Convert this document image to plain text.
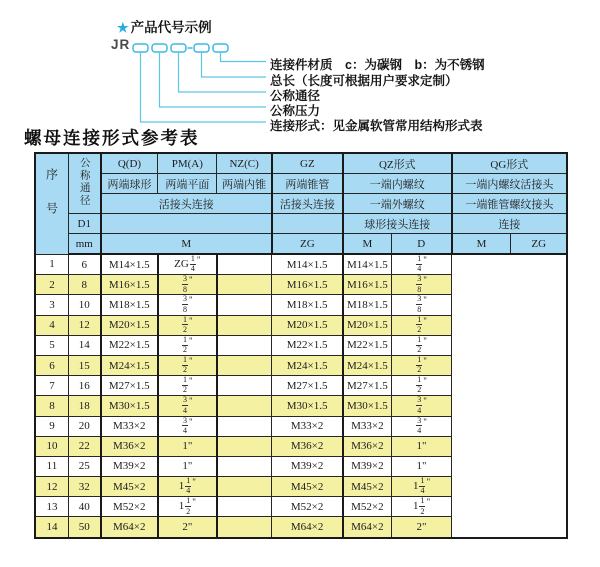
★ 产品代号示例
JR
连接件材质　c：为碳钢　b：为不锈钢
总长（长度可根据用户要求定制）
公称通径
公称压力
连接形式：见金属软管常用结构形式表
螺母连接形式参考表
序号	公称通径	Q(D)	PM(A)	NZ(C)	GZ	QZ形式		QG形式	
		两端球形	两端平面	两端内锥	两端锥管	一端内螺纹		一端内螺纹活接头	
		活接头连接			活接头连接	一端外螺纹		一端锥管螺纹接头	
	D1					球形接头连接		连接	
	mm	M			ZG	M	D	M	ZG
1	6	M14×1.5	ZG $\frac{1}{4} ^"$		M14×1.5	M14×1.5	$\frac{1}{4} ^"$
2	8	M16×1.5	$\frac{3}{8} ^"$		M16×1.5	M16×1.5	$\frac{3}{8} ^"$
3	10	M18×1.5	$\frac{3}{8} ^"$		M18×1.5	M18×1.5	$\frac{3}{8} ^"$
4	12	M20×1.5	$\frac{1}{2} ^"$		M20×1.5	M20×1.5	$\frac{1}{2} ^"$
5	14	M22×1.5	$\frac{1}{2} ^"$		M22×1.5	M22×1.5	$\frac{1}{2} ^"$
6	15	M24×1.5	$\frac{1}{2} ^"$		M24×1.5	M24×1.5	$\frac{1}{2} ^"$
7	16	M27×1.5	$\frac{1}{2} ^"$		M27×1.5	M27×1.5	$\frac{1}{2} ^"$
8	18	M30×1.5	$\frac{3}{4} ^"$		M30×1.5	M30×1.5	$\frac{3}{4} ^"$
9	20	M33×2	$\frac{3}{4} ^"$		M33×2	M33×2	$\frac{3}{4} ^"$
10	22	M36×2	1"		M36×2	M36×2	1"		
11	25	M39×2	1"		M39×2	M39×2	1"		
12	32	M45×2	$1 \frac{1}{4} ^"$		M45×2	M45×2	$1 \frac{1}{4} ^"$
13	40	M52×2	$1 \frac{1}{2} ^"$		M52×2	M52×2	$1 \frac{1}{2} ^"$
14	50	M64×2	2"		M64×2	M64×2	2"		
